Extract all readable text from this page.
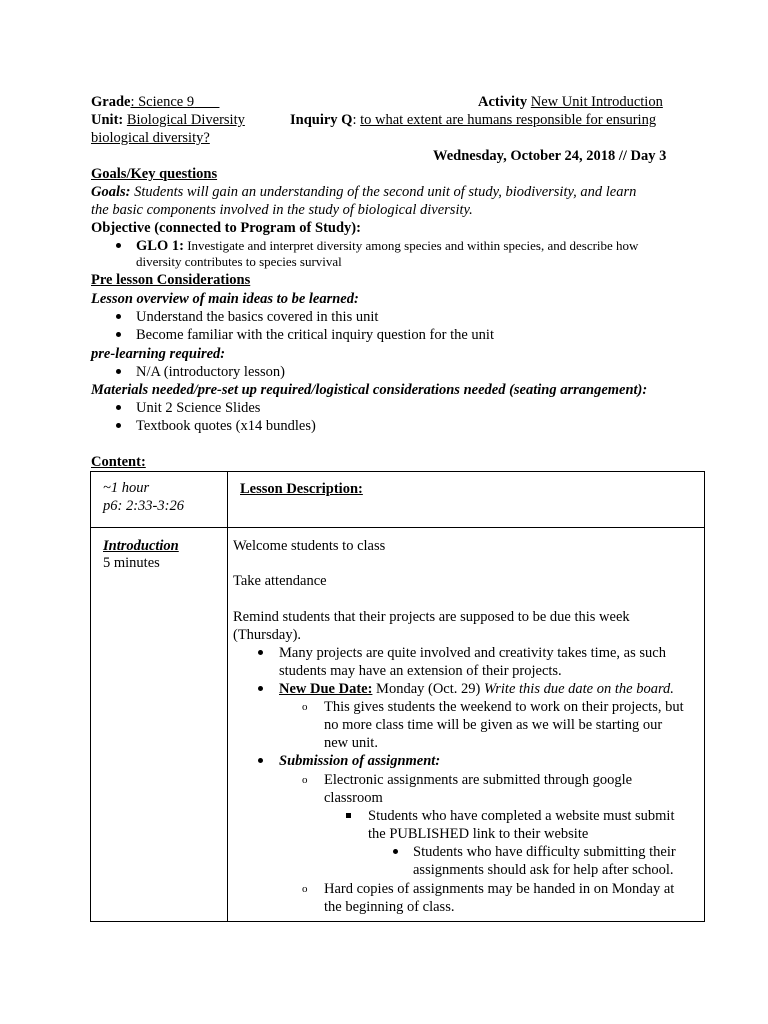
Grade: Science 9	Activity New Unit Introduction
Unit: Biological Diversity	Inquiry Q: to what extent are humans responsible for ensuring
biological diversity?
Wednesday, October 24, 2018 // Day 3
Goals/Key questions
Goals: Students will gain an understanding of the second unit of study, biodiversity, and learn
the basic components involved in the study of biological diversity.
Objective (connected to Program of Study):
GLO 1: Investigate and interpret diversity among species and within species, and describe how
diversity contributes to species survival
Pre lesson Considerations
Lesson overview of main ideas to be learned:
Understand the basics covered in this unit
Become familiar with the critical inquiry question for the unit
pre-learning required:
N/A (introductory lesson)
Materials needed/pre-set up required/logistical considerations needed (seating arrangement):
Unit 2 Science Slides
Textbook quotes (x14 bundles)
Content:
~1 hour
p6: 2:33-3:26
Lesson Description:
Introduction
5 minutes
Welcome students to class
Take attendance
Remind students that their projects are supposed to be due this week
(Thursday).
Many projects are quite involved and creativity takes time, as such
students may have an extension of their projects.
New Due Date: Monday (Oct. 29) Write this due date on the board.
o This gives students the weekend to work on their projects, but
no more class time will be given as we will be starting our
new unit.
Submission of assignment:
o Electronic assignments are submitted through google
classroom
Students who have completed a website must submit
the PUBLISHED link to their website
Students who have difficulty submitting their
assignments should ask for help after school.
o Hard copies of assignments may be handed in on Monday at
the beginning of class.
